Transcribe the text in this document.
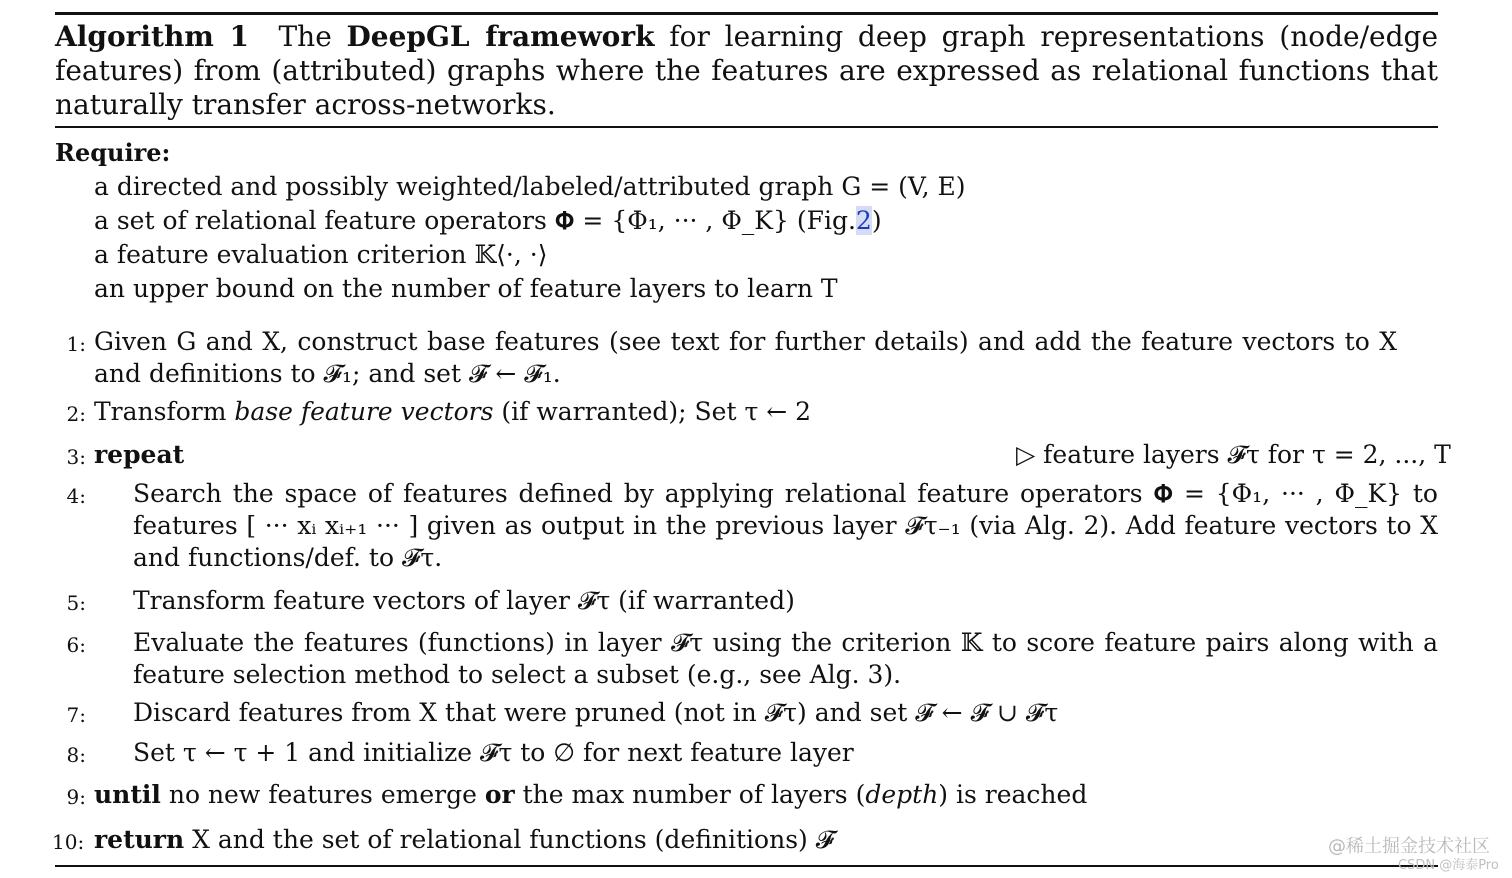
Algorithm 1 The DeepGL framework for learning deep graph representations (node/edge features) from (attributed) graphs where the features are expressed as relational functions that naturally transfer across-networks.
Require:
a directed and possibly weighted/labeled/attributed graph G = (V, E)
a set of relational feature operators 𝚽 = {Φ₁, ··· , Φ_K} (Fig.2)
a feature evaluation criterion 𝕂⟨·, ·⟩
an upper bound on the number of feature layers to learn T
1: Given G and X, construct base features (see text for further details) and add the feature vectors to X and definitions to 𝓕₁; and set 𝓕 ← 𝓕₁.
2: Transform base feature vectors (if warranted); Set τ ← 2
3: repeat	▷ feature layers 𝓕τ for τ = 2, ..., T
4: Search the space of features defined by applying relational feature operators 𝚽 = {Φ₁, ··· , Φ_K} to features [ ··· xᵢ xᵢ₊₁ ··· ] given as output in the previous layer 𝓕τ₋₁ (via Alg. 2). Add feature vectors to X and functions/def. to 𝓕τ.
5: Transform feature vectors of layer 𝓕τ (if warranted)
6: Evaluate the features (functions) in layer 𝓕τ using the criterion 𝕂 to score feature pairs along with a feature selection method to select a subset (e.g., see Alg. 3).
7: Discard features from X that were pruned (not in 𝓕τ) and set 𝓕 ← 𝓕 ∪ 𝓕τ
8: Set τ ← τ + 1 and initialize 𝓕τ to ∅ for next feature layer
9: until no new features emerge or the max number of layers (depth) is reached
10: return X and the set of relational functions (definitions) 𝓕	@稀土掘金技术社区
CSDN @海泰Pro
